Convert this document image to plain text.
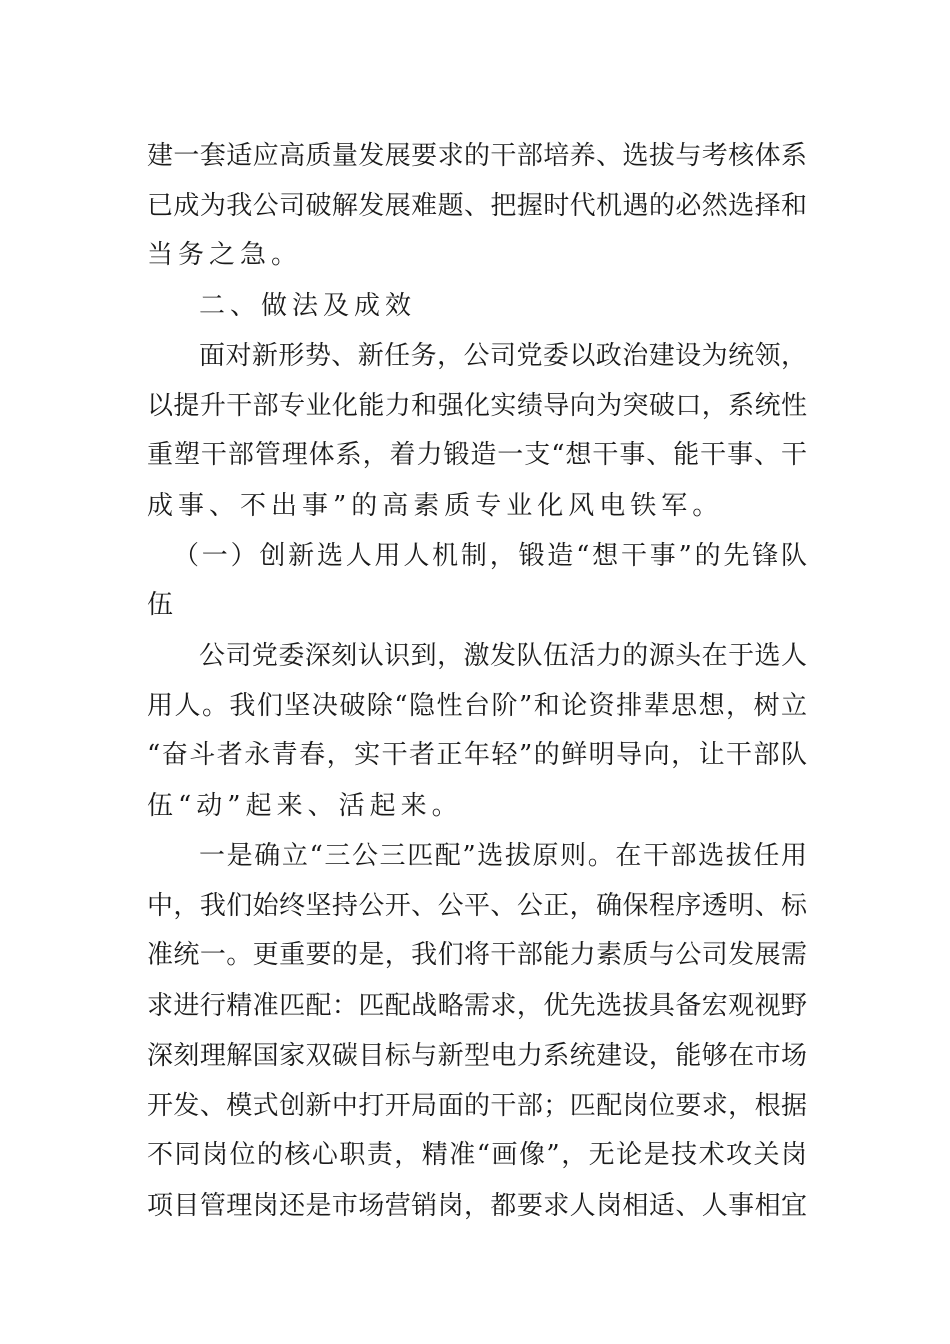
建一套适应高质量发展要求的干部培养、选拔与考核体系
已成为我公司破解发展难题、把握时代机遇的必然选择和
当务之急。
二、做法及成效
面对新形势、新任务，公司党委以政治建设为统领，
以提升干部专业化能力和强化实绩导向为突破口，系统性
重塑干部管理体系，着力锻造一支“想干事、能干事、干
成事、不出事”的高素质专业化风电铁军。
（一）创新选人用人机制，锻造“想干事”的先锋队
伍
公司党委深刻认识到，激发队伍活力的源头在于选人
用人。我们坚决破除“隐性台阶”和论资排辈思想，树立
“奋斗者永青春，实干者正年轻”的鲜明导向，让干部队
伍“动”起来、活起来。
一是确立“三公三匹配”选拔原则。在干部选拔任用
中，我们始终坚持公开、公平、公正，确保程序透明、标
准统一。更重要的是，我们将干部能力素质与公司发展需
求进行精准匹配：匹配战略需求，优先选拔具备宏观视野
深刻理解国家双碳目标与新型电力系统建设，能够在市场
开发、模式创新中打开局面的干部；匹配岗位要求，根据
不同岗位的核心职责，精准“画像”，无论是技术攻关岗
项目管理岗还是市场营销岗，都要求人岗相适、人事相宜
